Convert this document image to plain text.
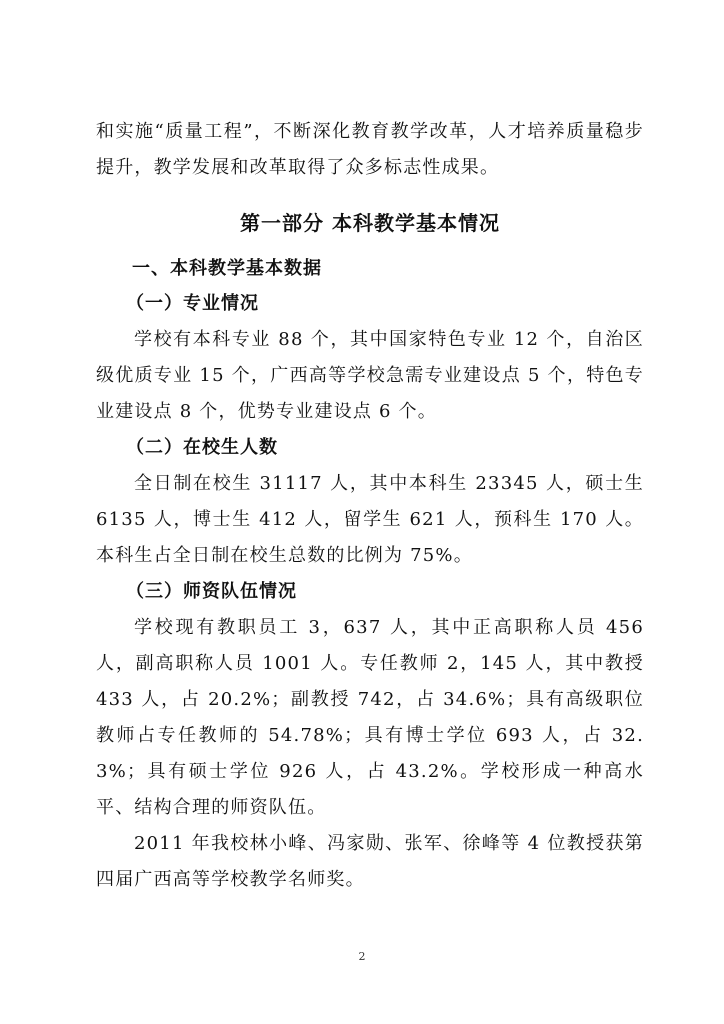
和实施“质量工程”，不断深化教育教学改革，人才培养质量稳步提升，教学发展和改革取得了众多标志性成果。

第一部分 本科教学基本情况
一、本科教学基本数据
（一）专业情况

学校有本科专业 88 个，其中国家特色专业 12 个，自治区级优质专业 15 个，广西高等学校急需专业建设点 5 个，特色专业建设点 8 个，优势专业建设点 6 个。

（二）在校生人数

全日制在校生 31117 人，其中本科生 23345 人，硕士生 6135 人，博士生 412 人，留学生 621 人，预科生 170 人。本科生占全日制在校生总数的比例为 75%。

（三）师资队伍情况

学校现有教职员工 3，637 人，其中正高职称人员 456 人，副高职称人员 1001 人。专任教师 2，145 人，其中教授 433 人，占 20.2%；副教授 742，占 34.6%；具有高级职位教师占专任教师的 54.78%；具有博士学位 693 人，占 32.3%；具有硕士学位 926 人，占 43.2%。学校形成一种高水平、结构合理的师资队伍。

2011 年我校林小峰、冯家勋、张军、徐峰等 4 位教授获第四届广西高等学校教学名师奖。

2
